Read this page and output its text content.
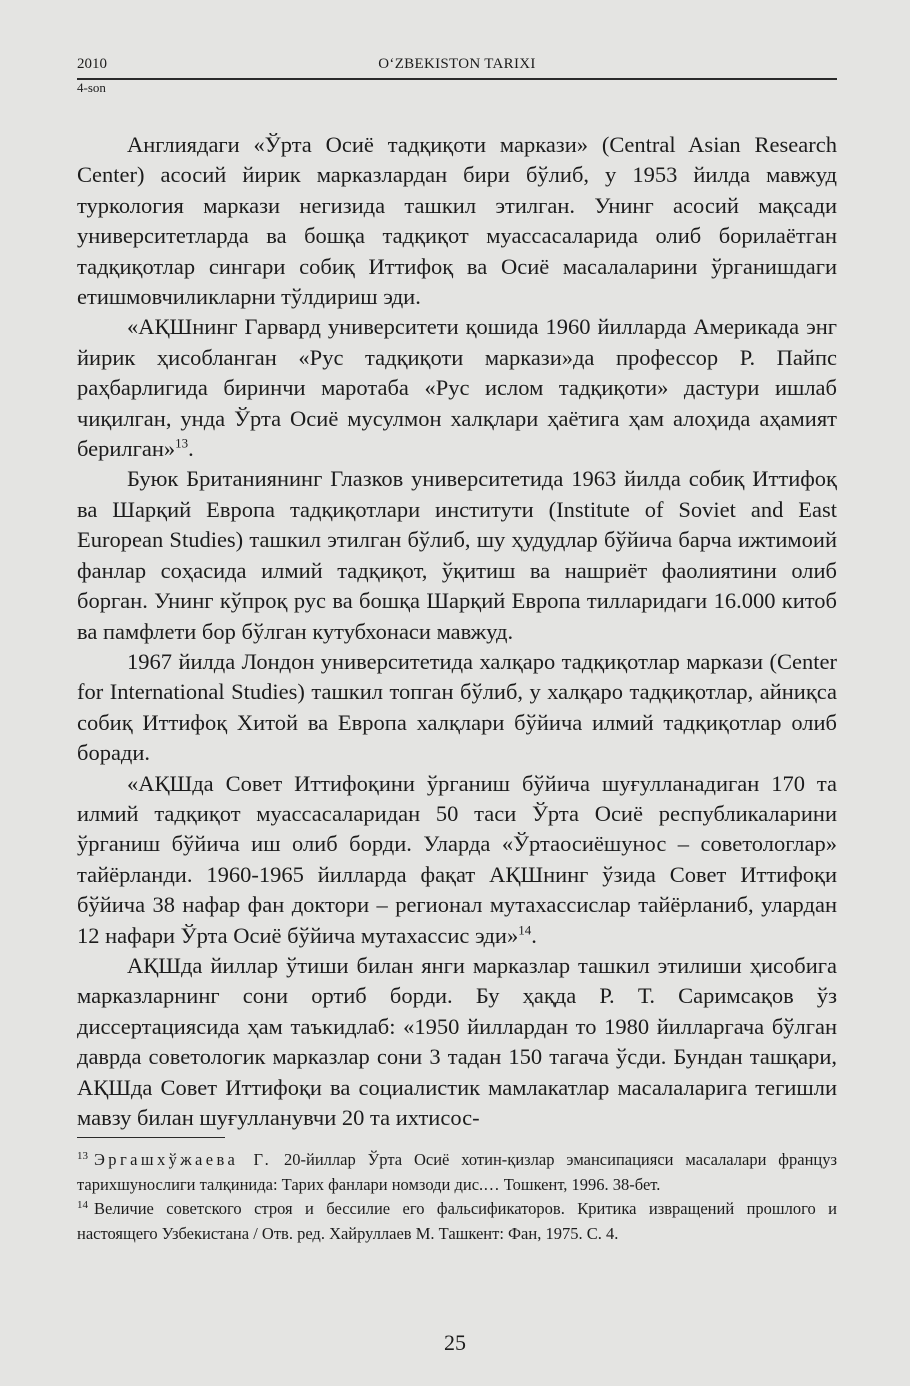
2010	O‘ZBEKISTON TARIXI
4-son

Англиядаги «Ўрта Осиё тадқиқоти маркази» (Central Asian Research Center) асосий йирик марказлардан бири бўлиб, у 1953 йилда мавжуд туркология маркази негизида ташкил этилган. Унинг асосий мақсади университетларда ва бошқа тадқиқот муассасаларида олиб борилаётган тадқиқотлар сингари собиқ Иттифоқ ва Осиё масалаларини ўрганишдаги етишмовчиликларни тўлдириш эди.

«АҚШнинг Гарвард университети қошида 1960 йилларда Америкада энг йирик ҳисобланган «Рус тадқиқоти маркази»да профессор Р. Пайпс раҳбарлигида биринчи маротаба «Рус ислом тадқиқоти» дастури ишлаб чиқилган, унда Ўрта Осиё мусулмон халқлари ҳаётига ҳам алоҳида аҳамият берилган»$^{13}$.

Буюк Британиянинг Глазков университетида 1963 йилда собиқ Иттифоқ ва Шарқий Европа тадқиқотлари институти (Institute of Soviet and East European Studies) ташкил этилган бўлиб, шу ҳудудлар бўйича барча ижтимоий фанлар соҳасида илмий тадқиқот, ўқитиш ва нашриёт фаолиятини олиб борган. Унинг кўпроқ рус ва бошқа Шарқий Европа тилларидаги 16.000 китоб ва памфлети бор бўлган кутубхонаси мавжуд.

1967 йилда Лондон университетида халқаро тадқиқотлар маркази (Center for International Studies) ташкил топган бўлиб, у халқаро тадқиқотлар, айниқса собиқ Иттифоқ Хитой ва Европа халқлари бўйича илмий тадқиқотлар олиб боради.

«АҚШда Совет Иттифоқини ўрганиш бўйича шуғулланадиган 170 та илмий тадқиқот муассасаларидан 50 таси Ўрта Осиё республикаларини ўрганиш бўйича иш олиб борди. Уларда «Ўртаосиёшунос – советологлар» тайёрланди. 1960-1965 йилларда фақат АҚШнинг ўзида Совет Иттифоқи бўйича 38 нафар фан доктори – регионал мутахассислар тайёрланиб, улардан 12 нафари Ўрта Осиё бўйича мутахассис эди»$^{14}$.

АҚШда йиллар ўтиши билан янги марказлар ташкил этилиши ҳисобига марказларнинг сони ортиб борди. Бу ҳақда Р. Т. Саримсақов ўз диссертациясида ҳам таъкидлаб: «1950 йиллардан то 1980 йилларгача бўлган даврда советологик марказлар сони 3 тадан 150 тагача ўсди. Бундан ташқари, АҚШда Совет Иттифоқи ва социалистик мамлакатлар масалаларига тегишли мавзу билан шуғулланувчи 20 та ихтисос-

$^{13}$ Эргашхўжаева Г. 20-йиллар Ўрта Осиё хотин-қизлар эмансипацияси масалалари француз тарихшунослиги талқинида: Тарих фанлари номзоди дис.… Тошкент, 1996. 38-бет.

$^{14}$ Величие советского строя и бессилие его фальсификаторов. Критика извращений прошлого и настоящего Узбекистана / Отв. ред. Хайруллаев М. Ташкент: Фан, 1975. С. 4.

25
